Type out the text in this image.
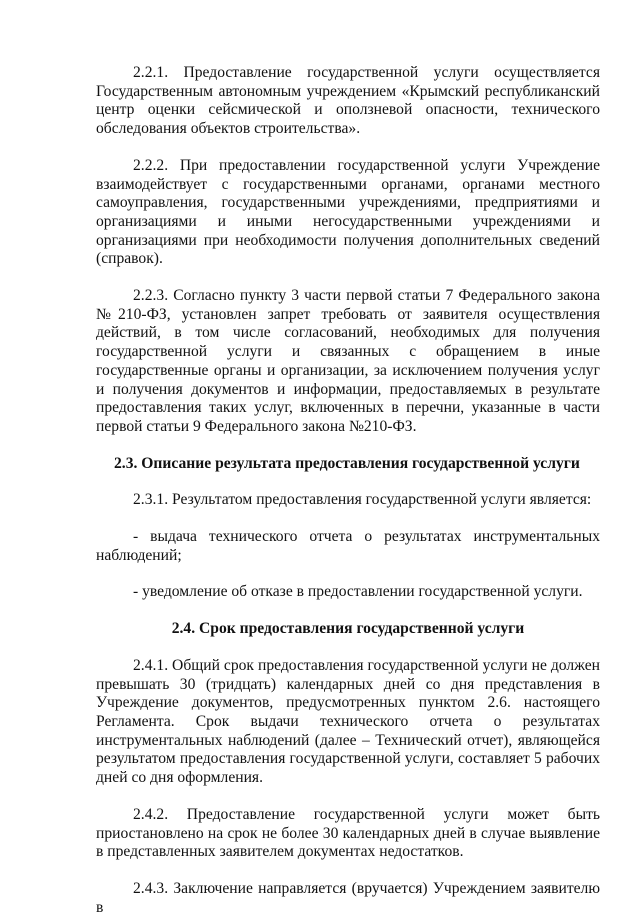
2.2.1. Предоставление государственной услуги осуществляется Государственным автономным учреждением «Крымский республиканский центр оценки сейсмической и оползневой опасности, технического обследования объектов строительства».

2.2.2. При предоставлении государственной услуги Учреждение взаимодействует с государственными органами, органами местного самоуправления, государственными учреждениями, предприятиями и организациями и иными негосударственными учреждениями и организациями при необходимости получения дополнительных сведений (справок).

2.2.3. Согласно пункту 3 части первой статьи 7 Федерального закона №210-ФЗ, установлен запрет требовать от заявителя осуществления действий, в том числе согласований, необходимых для получения государственной услуги и связанных с обращением в иные государственные органы и организации, за исключением получения услуг и получения документов и информации, предоставляемых в результате предоставления таких услуг, включенных в перечни, указанные в части первой статьи 9 Федерального закона №210-ФЗ.

2.3. Описание результата предоставления государственной услуги

2.3.1. Результатом предоставления государственной услуги является:

- выдача технического отчета о результатах инструментальных наблюдений;

- уведомление об отказе в предоставлении государственной услуги.

2.4. Срок предоставления государственной услуги

2.4.1. Общий срок предоставления государственной услуги не должен превышать 30 (тридцать) календарных дней со дня представления в Учреждение документов, предусмотренных пунктом 2.6. настоящего Регламента. Срок выдачи технического отчета о результатах инструментальных наблюдений (далее – Технический отчет), являющейся результатом предоставления государственной услуги, составляет 5 рабочих дней со дня оформления.

2.4.2. Предоставление государственной услуги может быть приостановлено на срок не более 30 календарных дней в случае выявление в представленных заявителем документах недостатков.

2.4.3. Заключение направляется (вручается) Учреждением заявителю в
